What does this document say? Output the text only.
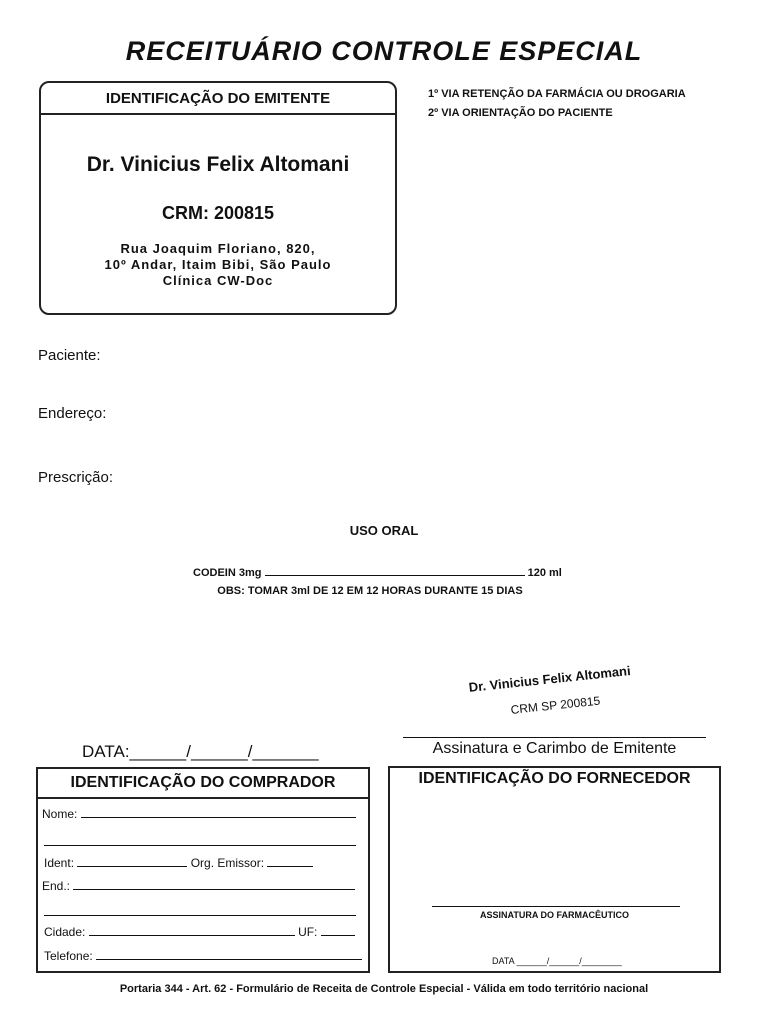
RECEITUÁRIO CONTROLE ESPECIAL
IDENTIFICAÇÃO DO EMITENTE
Dr. Vinicius Felix Altomani
CRM: 200815
Rua Joaquim Floriano, 820,
10º Andar, Itaim Bibi, São Paulo
Clínica CW-Doc
1º VIA RETENÇÃO DA FARMÁCIA OU DROGARIA
2º VIA ORIENTAÇÃO DO PACIENTE
Paciente:
Endereço:
Prescrição:
USO ORAL
CODEIN 3mg	120 ml
OBS: TOMAR 3ml DE 12 EM 12 HORAS DURANTE 15 DIAS
Dr. Vinicius Felix Altomani
CRM SP 200815
Assinatura e Carimbo de Emitente
DATA:______/______/_______
IDENTIFICAÇÃO DO COMPRADOR
Nome:
Ident:	Org. Emissor:
End.:
Cidade:	UF:
Telefone:
IDENTIFICAÇÃO DO FORNECEDOR
ASSINATURA DO FARMACÊUTICO
DATA ______/______/________
Portaria 344 - Art. 62 - Formulário de Receita de Controle Especial - Válida em todo território nacional
